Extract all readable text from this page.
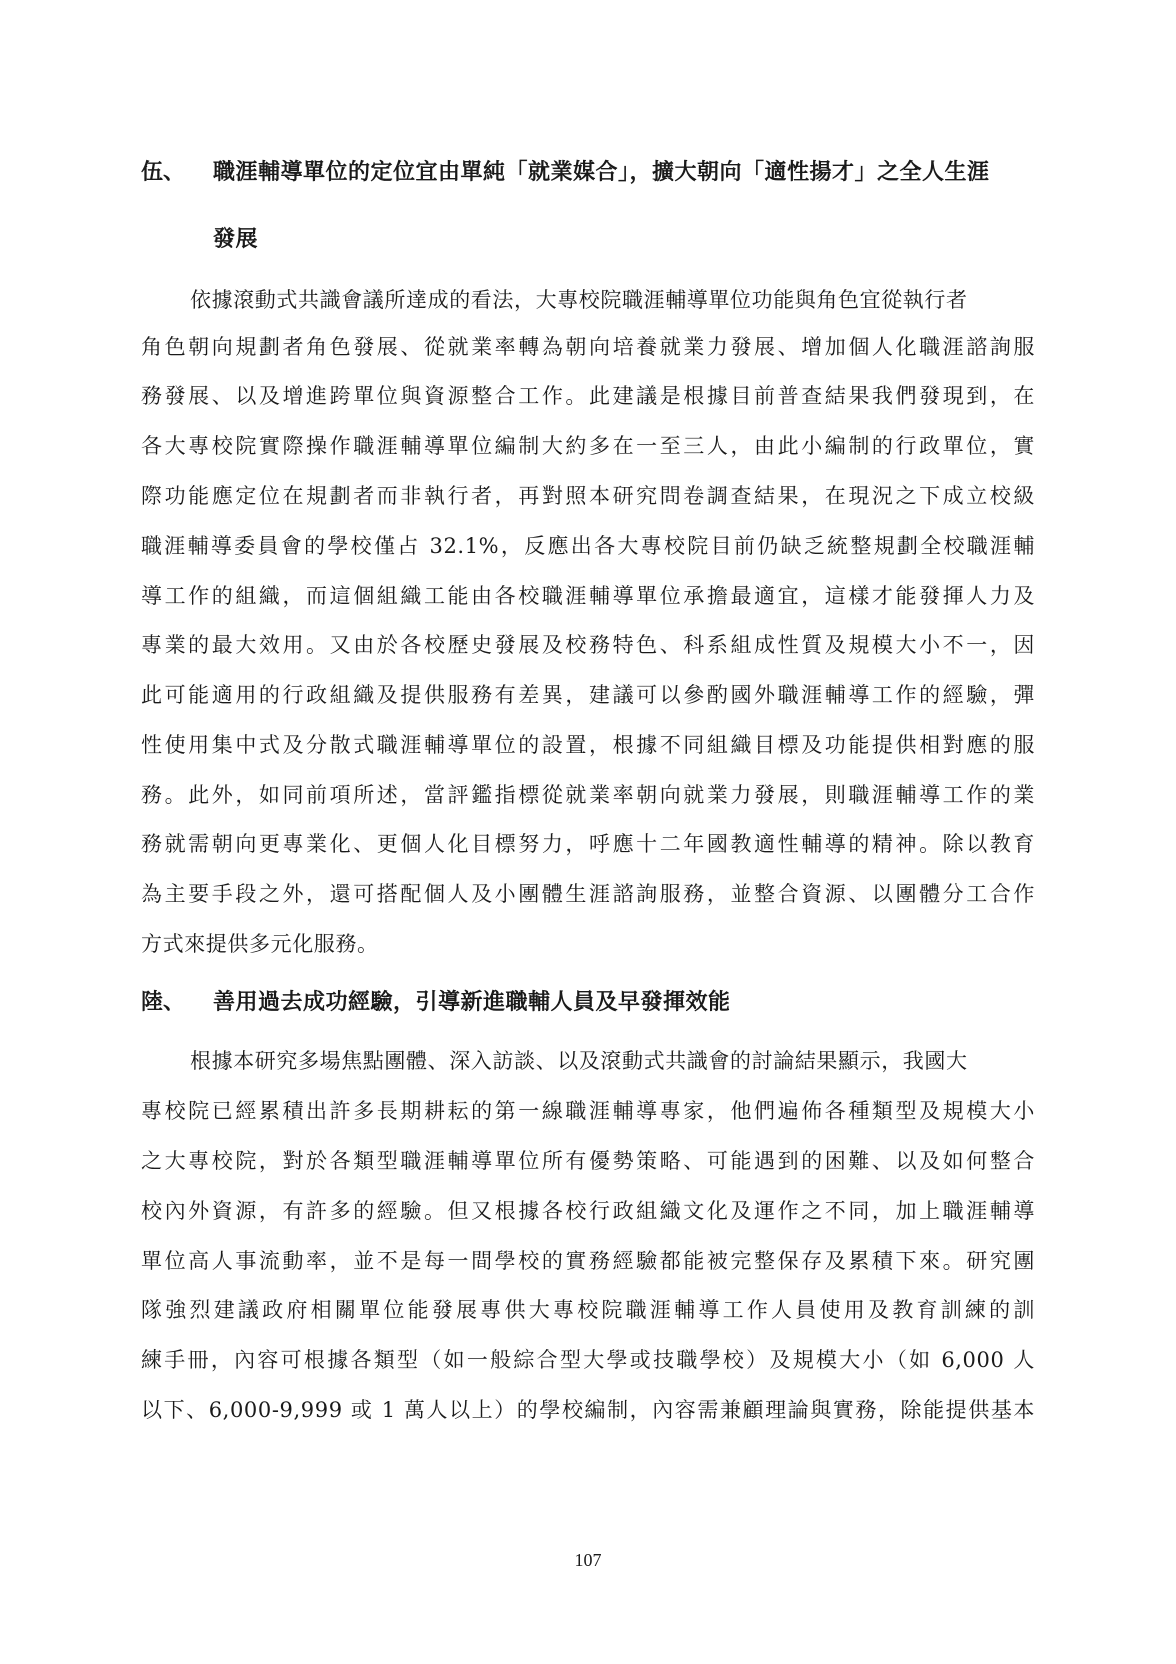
伍、 職涯輔導單位的定位宜由單純「就業媒合」，擴大朝向「適性揚才」之全人生涯
發展
依據滾動式共識會議所達成的看法，大專校院職涯輔導單位功能與角色宜從執行者
角色朝向規劃者角色發展、從就業率轉為朝向培養就業力發展、增加個人化職涯諮詢服
務發展、以及增進跨單位與資源整合工作。此建議是根據目前普查結果我們發現到，在
各大專校院實際操作職涯輔導單位編制大約多在一至三人，由此小編制的行政單位，實
際功能應定位在規劃者而非執行者，再對照本研究問卷調查結果，在現況之下成立校級
職涯輔導委員會的學校僅占 32.1%，反應出各大專校院目前仍缺乏統整規劃全校職涯輔
導工作的組織，而這個組織工能由各校職涯輔導單位承擔最適宜，這樣才能發揮人力及
專業的最大效用。又由於各校歷史發展及校務特色、科系組成性質及規模大小不一，因
此可能適用的行政組織及提供服務有差異，建議可以參酌國外職涯輔導工作的經驗，彈
性使用集中式及分散式職涯輔導單位的設置，根據不同組織目標及功能提供相對應的服
務。此外，如同前項所述，當評鑑指標從就業率朝向就業力發展，則職涯輔導工作的業
務就需朝向更專業化、更個人化目標努力，呼應十二年國教適性輔導的精神。除以教育
為主要手段之外，還可搭配個人及小團體生涯諮詢服務，並整合資源、以團體分工合作
方式來提供多元化服務。
陸、 善用過去成功經驗，引導新進職輔人員及早發揮效能
根據本研究多場焦點團體、深入訪談、以及滾動式共識會的討論結果顯示，我國大
專校院已經累積出許多長期耕耘的第一線職涯輔導專家，他們遍佈各種類型及規模大小
之大專校院，對於各類型職涯輔導單位所有優勢策略、可能遇到的困難、以及如何整合
校內外資源，有許多的經驗。但又根據各校行政組織文化及運作之不同，加上職涯輔導
單位高人事流動率，並不是每一間學校的實務經驗都能被完整保存及累積下來。研究團
隊強烈建議政府相關單位能發展專供大專校院職涯輔導工作人員使用及教育訓練的訓
練手冊，內容可根據各類型（如一般綜合型大學或技職學校）及規模大小（如 6,000 人
以下、6,000-9,999 或 1 萬人以上）的學校編制，內容需兼顧理論與實務，除能提供基本
107
